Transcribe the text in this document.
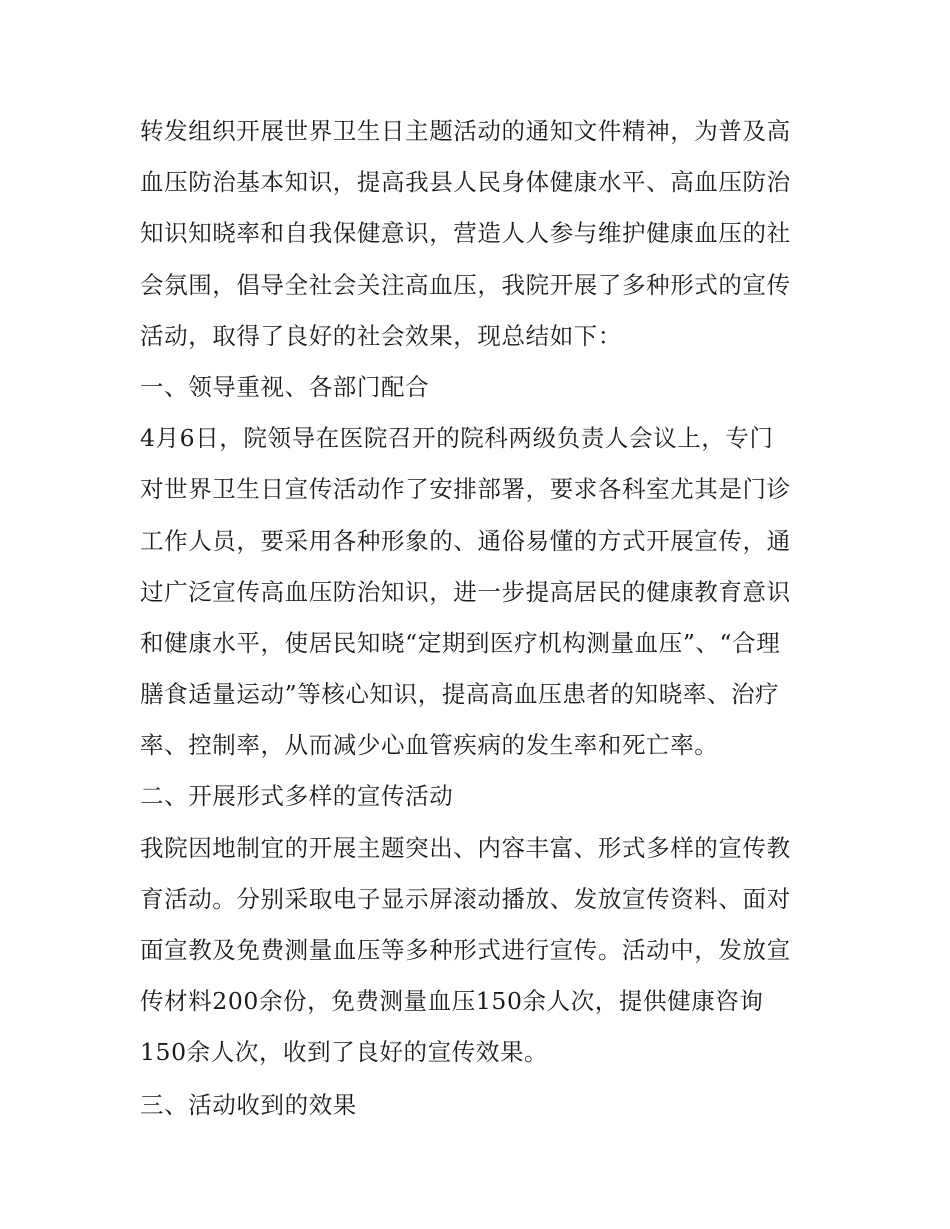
转发组织开展世界卫生日主题活动的通知文件精神，为普及高
血压防治基本知识，提高我县人民身体健康水平、高血压防治
知识知晓率和自我保健意识，营造人人参与维护健康血压的社
会氛围，倡导全社会关注高血压，我院开展了多种形式的宣传
活动，取得了良好的社会效果，现总结如下：
一、领导重视、各部门配合
4月6日，院领导在医院召开的院科两级负责人会议上，专门
对世界卫生日宣传活动作了安排部署，要求各科室尤其是门诊
工作人员，要采用各种形象的、通俗易懂的方式开展宣传，通
过广泛宣传高血压防治知识，进一步提高居民的健康教育意识
和健康水平，使居民知晓“定期到医疗机构测量血压”、“合理
膳食适量运动”等核心知识，提高高血压患者的知晓率、治疗
率、控制率，从而减少心血管疾病的发生率和死亡率。
二、开展形式多样的宣传活动
我院因地制宜的开展主题突出、内容丰富、形式多样的宣传教
育活动。分别采取电子显示屏滚动播放、发放宣传资料、面对
面宣教及免费测量血压等多种形式进行宣传。活动中，发放宣
传材料200余份，免费测量血压150余人次，提供健康咨询
150余人次，收到了良好的宣传效果。
三、活动收到的效果
